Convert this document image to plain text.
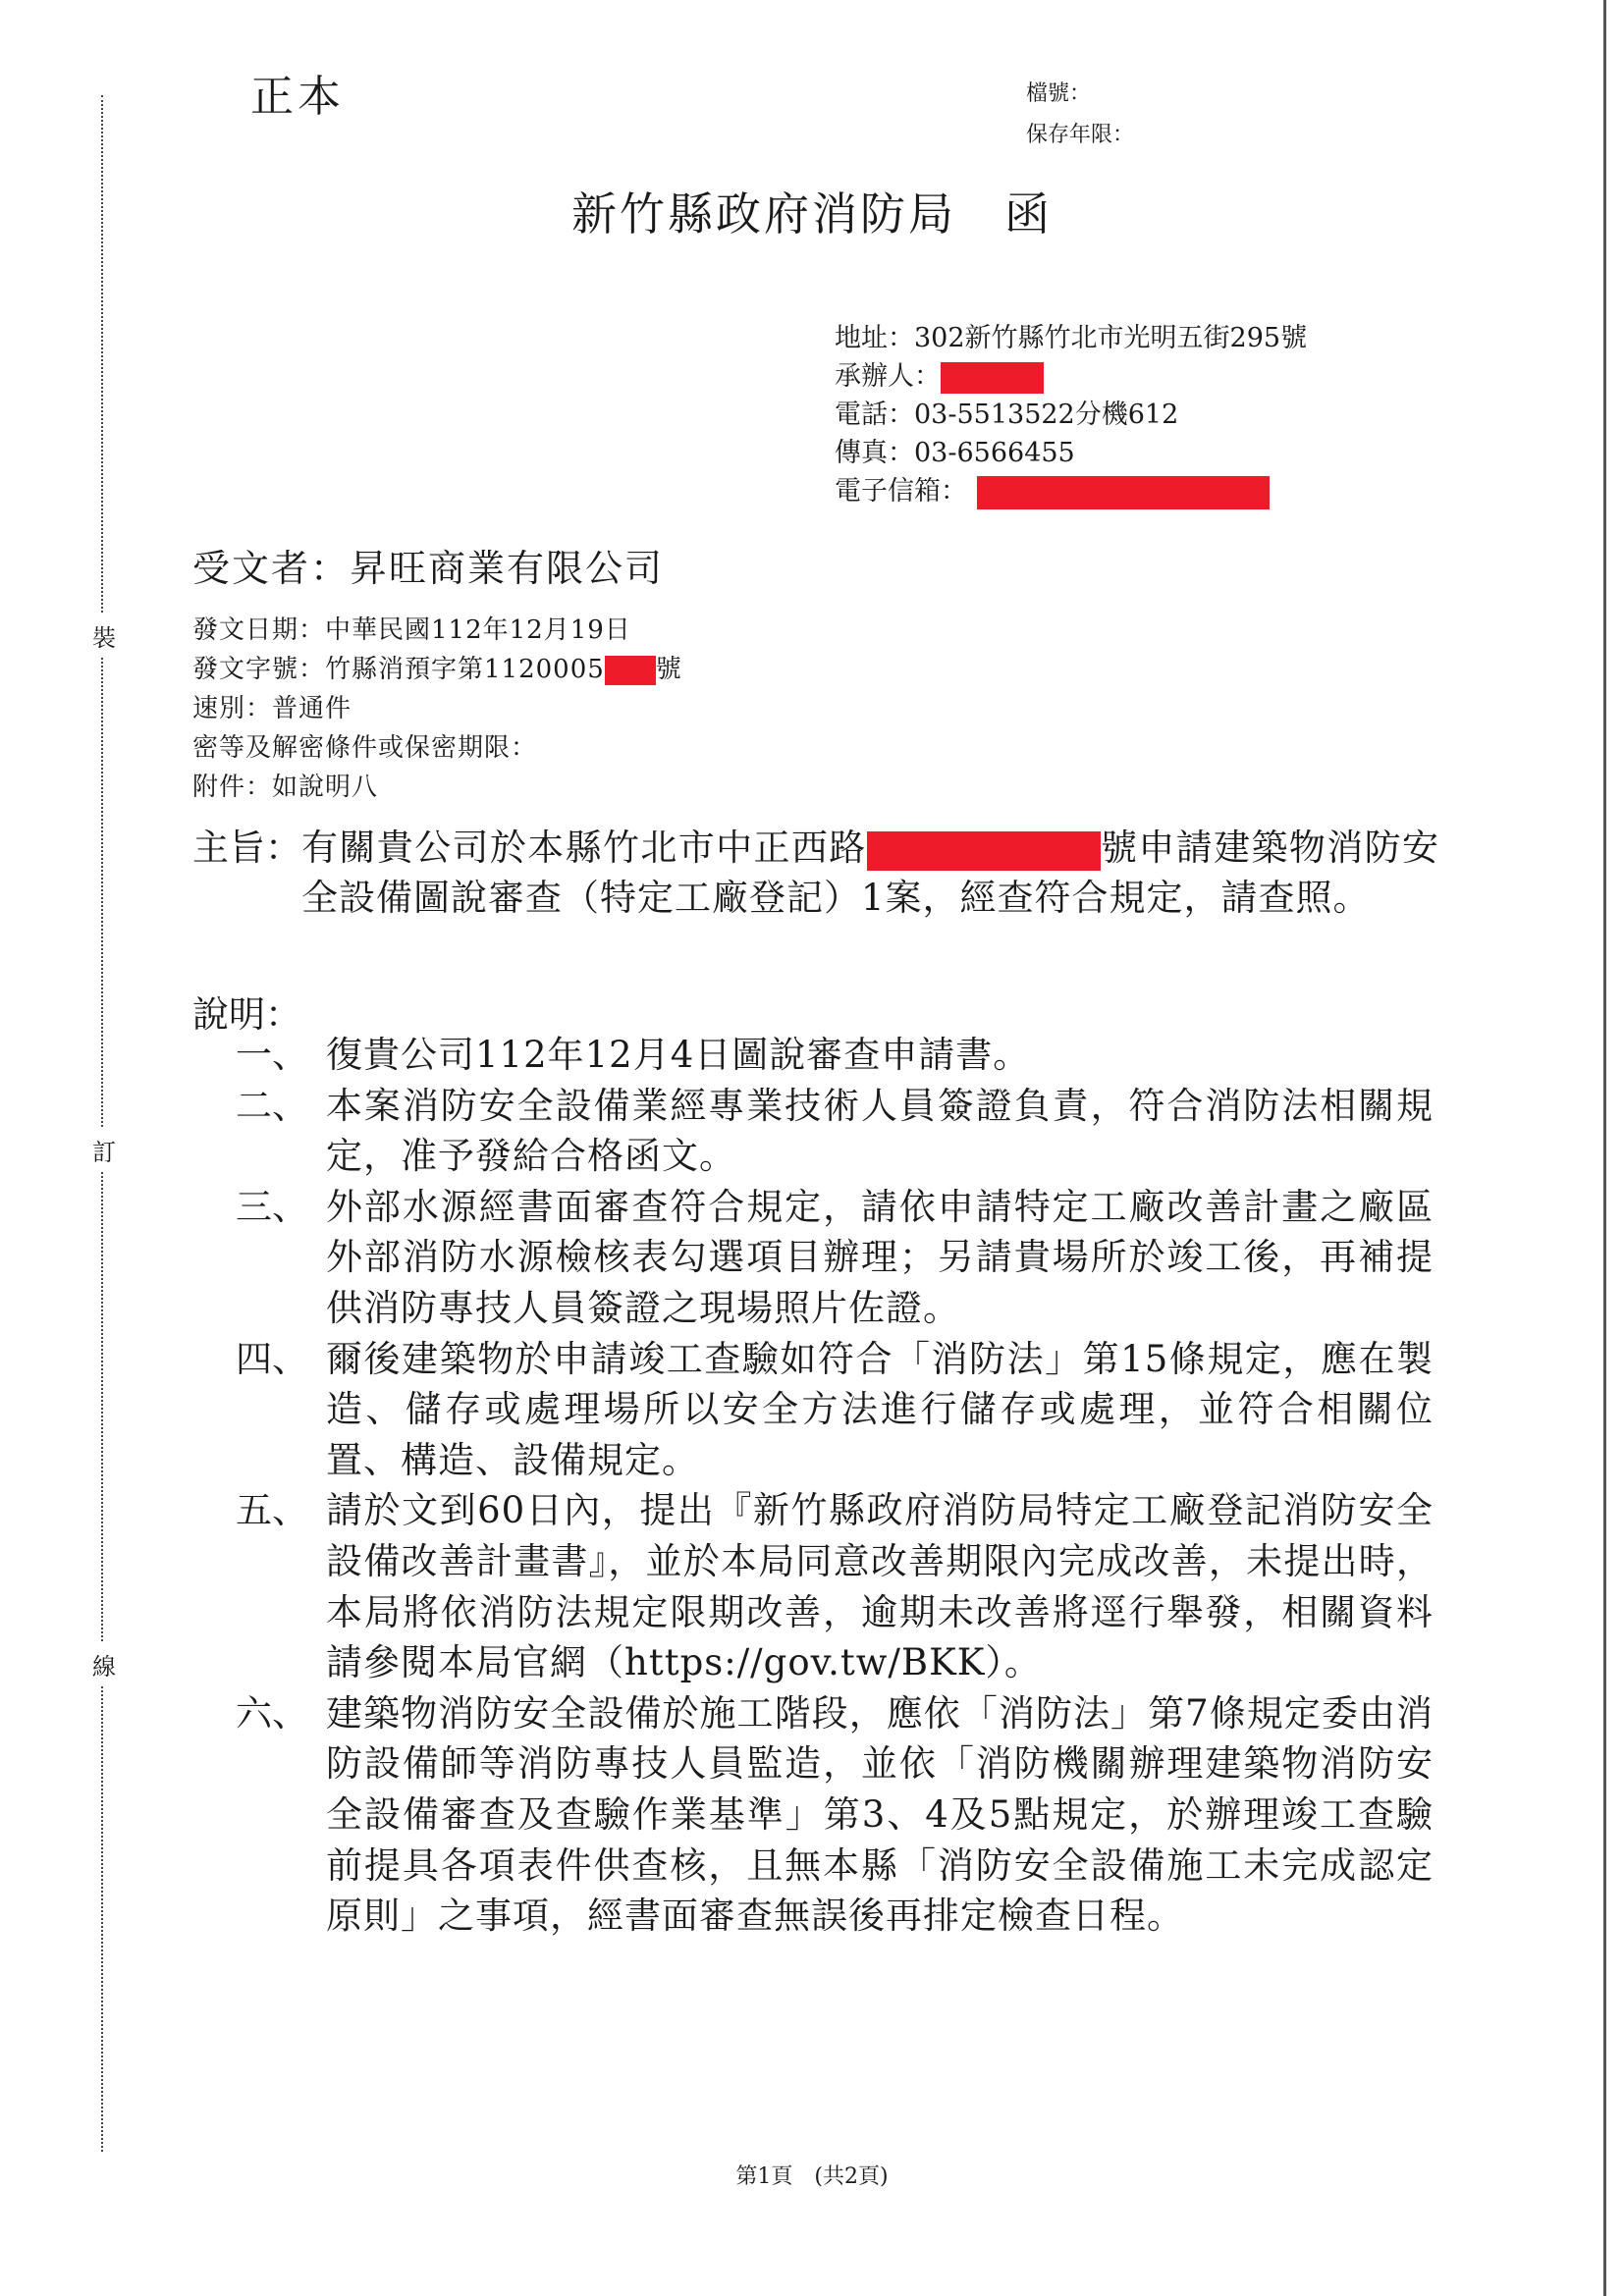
裝
訂
線
正本	檔號：
保存年限：
新竹縣政府消防局　函
地址：302新竹縣竹北市光明五街295號
承辦人：
電話：03-5513522分機612
傳真：03-6566455
電子信箱：
受文者：昇旺商業有限公司
發文日期：中華民國112年12月19日
發文字號：竹縣消預字第1120005 號
速別：普通件
密等及解密條件或保密期限：
附件：如說明八
主旨： 有關貴公司於本縣竹北市中正西路	號申請建築物消防安全設備圖說審查（特定工廠登記）1案，經查符合規定，請查照。
說明：
一、 復貴公司112年12月4日圖說審查申請書。
二、 本案消防安全設備業經專業技術人員簽證負責，符合消防法相關規定，准予發給合格函文。
三、 外部水源經書面審查符合規定，請依申請特定工廠改善計畫之廠區外部消防水源檢核表勾選項目辦理；另請貴場所於竣工後，再補提供消防專技人員簽證之現場照片佐證。
四、 爾後建築物於申請竣工查驗如符合「消防法」第15條規定，應在製造、儲存或處理場所以安全方法進行儲存或處理，並符合相關位置、構造、設備規定。
五、 請於文到60日內，提出『新竹縣政府消防局特定工廠登記消防安全設備改善計畫書』，並於本局同意改善期限內完成改善，未提出時，本局將依消防法規定限期改善，逾期未改善將逕行舉發，相關資料請參閱本局官網（https://gov.tw/BKK）。
六、 建築物消防安全設備於施工階段，應依「消防法」第7條規定委由消防設備師等消防專技人員監造，並依「消防機關辦理建築物消防安全設備審查及查驗作業基準」第3、4及5點規定，於辦理竣工查驗前提具各項表件供查核，且無本縣「消防安全設備施工未完成認定原則」之事項，經書面審查無誤後再排定檢查日程。
第1頁　(共2頁)
